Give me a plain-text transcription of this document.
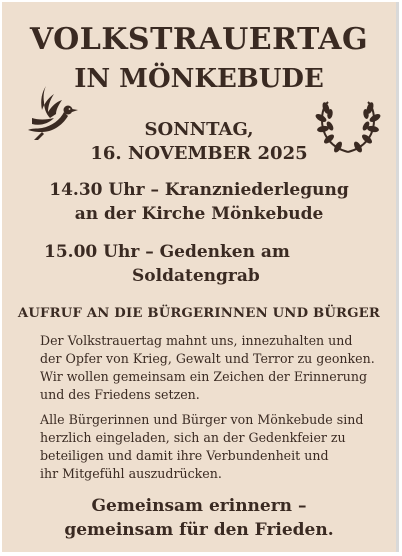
VOLKSTRAUERTAG
IN MÖNKEBUDE
SONNTAG,
16. NOVEMBER 2025
14.30 Uhr – Kranzniederlegung
an der Kirche Mönkebude
15.00 Uhr – Gedenken am
Soldatengrab
AUFRUF AN DIE BÜRGERINNEN UND BÜRGER
Der Volkstrauertag mahnt uns, innezuhalten und
der Opfer von Krieg, Gewalt und Terror zu geonken.
Wir wollen gemeinsam ein Zeichen der Erinnerung
und des Friedens setzen.
Alle Bürgerinnen und Bürger von Mönkebude sind
herzlich eingeladen, sich an der Gedenkfeier zu
beteiligen und damit ihre Verbundenheit und
ihr Mitgefühl auszudrücken.
Gemeinsam erinnern –
gemeinsam für den Frieden.
